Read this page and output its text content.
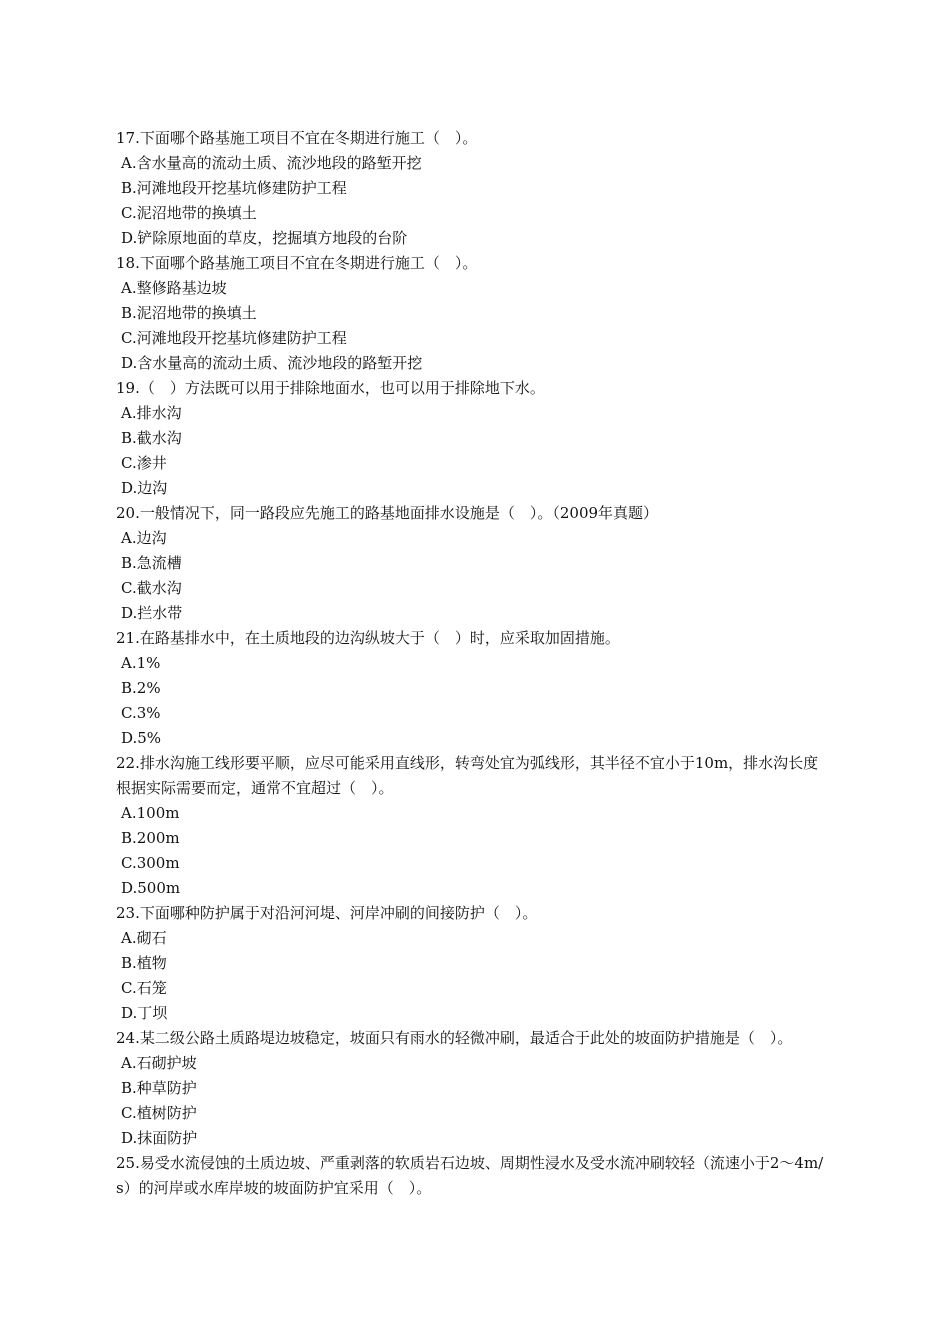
17.下面哪个路基施工项目不宜在冬期进行施工（　）。

A.含水量高的流动土质、流沙地段的路堑开挖
B.河滩地段开挖基坑修建防护工程
C.泥沼地带的换填土
D.铲除原地面的草皮，挖掘填方地段的台阶

18.下面哪个路基施工项目不宜在冬期进行施工（　）。

A.整修路基边坡
B.泥沼地带的换填土
C.河滩地段开挖基坑修建防护工程
D.含水量高的流动土质、流沙地段的路堑开挖

19.（　）方法既可以用于排除地面水，也可以用于排除地下水。

A.排水沟
B.截水沟
C.渗井
D.边沟

20.一般情况下，同一路段应先施工的路基地面排水设施是（　）。（2009年真题）

A.边沟
B.急流槽
C.截水沟
D.拦水带

21.在路基排水中，在土质地段的边沟纵坡大于（　）时，应采取加固措施。

A.1%
B.2%
C.3%
D.5%

22.排水沟施工线形要平顺，应尽可能采用直线形，转弯处宜为弧线形，其半径不宜小于10m，排水沟长度根据实际需要而定，通常不宜超过（　）。

A.100m
B.200m
C.300m
D.500m

23.下面哪种防护属于对沿河河堤、河岸冲刷的间接防护（　）。

A.砌石
B.植物
C.石笼
D.丁坝

24.某二级公路土质路堤边坡稳定，坡面只有雨水的轻微冲刷，最适合于此处的坡面防护措施是（　）。

A.石砌护坡
B.种草防护
C.植树防护
D.抹面防护

25.易受水流侵蚀的土质边坡、严重剥落的软质岩石边坡、周期性浸水及受水流冲刷较轻（流速小于2～4m/s）的河岸或水库岸坡的坡面防护宜采用（　）。
